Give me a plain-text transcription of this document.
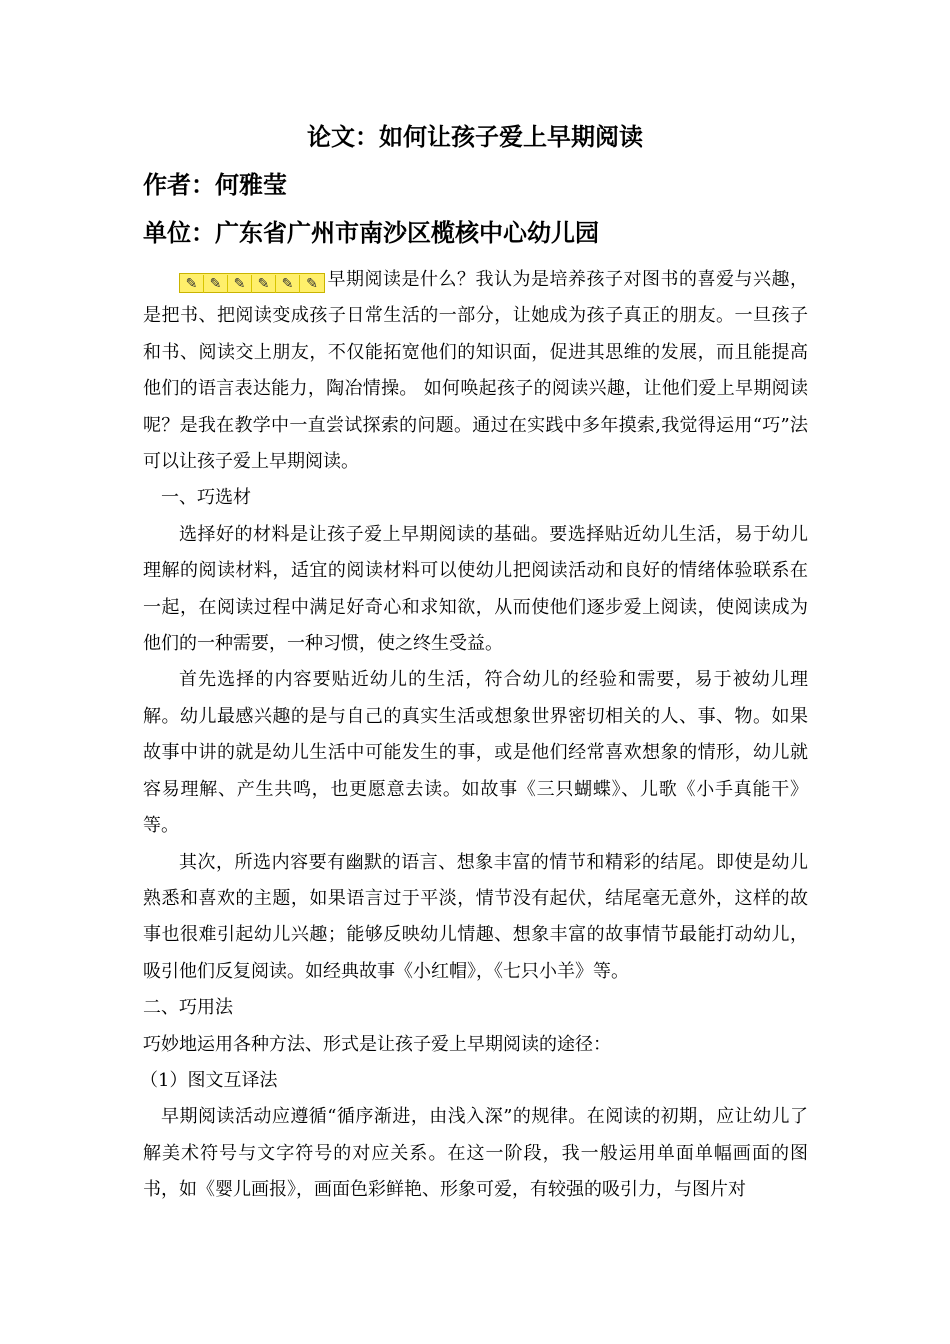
论文：如何让孩子爱上早期阅读
作者：何雅莹
单位：广东省广州市南沙区榄核中心幼儿园

✎ ✎ ✎ ✎ ✎ ✎ 早期阅读是什么？我认为是培养孩子对图书的喜爱与兴趣，是把书、把阅读变成孩子日常生活的一部分，让她成为孩子真正的朋友。一旦孩子和书、阅读交上朋友，不仅能拓宽他们的知识面，促进其思维的发展，而且能提高他们的语言表达能力，陶冶情操。 如何唤起孩子的阅读兴趣，让他们爱上早期阅读呢？是我在教学中一直尝试探索的问题。通过在实践中多年摸索,我觉得运用“巧”法可以让孩子爱上早期阅读。

一、巧选材

选择好的材料是让孩子爱上早期阅读的基础。要选择贴近幼儿生活，易于幼儿理解的阅读材料，适宜的阅读材料可以使幼儿把阅读活动和良好的情绪体验联系在一起，在阅读过程中满足好奇心和求知欲，从而使他们逐步爱上阅读，使阅读成为他们的一种需要，一种习惯，使之终生受益。

首先选择的内容要贴近幼儿的生活，符合幼儿的经验和需要，易于被幼儿理解。幼儿最感兴趣的是与自己的真实生活或想象世界密切相关的人、事、物。如果故事中讲的就是幼儿生活中可能发生的事，或是他们经常喜欢想象的情形，幼儿就容易理解、产生共鸣，也更愿意去读。如故事《三只蝴蝶》、儿歌《小手真能干》等。

其次，所选内容要有幽默的语言、想象丰富的情节和精彩的结尾。即使是幼儿熟悉和喜欢的主题，如果语言过于平淡，情节没有起伏，结尾毫无意外，这样的故事也很难引起幼儿兴趣；能够反映幼儿情趣、想象丰富的故事情节最能打动幼儿，吸引他们反复阅读。如经典故事《小红帽》，《七只小羊》等。

二、巧用法

巧妙地运用各种方法、形式是让孩子爱上早期阅读的途径：

（1）图文互译法

早期阅读活动应遵循“循序渐进，由浅入深”的规律。在阅读的初期，应让幼儿了解美术符号与文字符号的对应关系。在这一阶段，我一般运用单面单幅画面的图书，如《婴儿画报》，画面色彩鲜艳、形象可爱，有较强的吸引力，与图片对
